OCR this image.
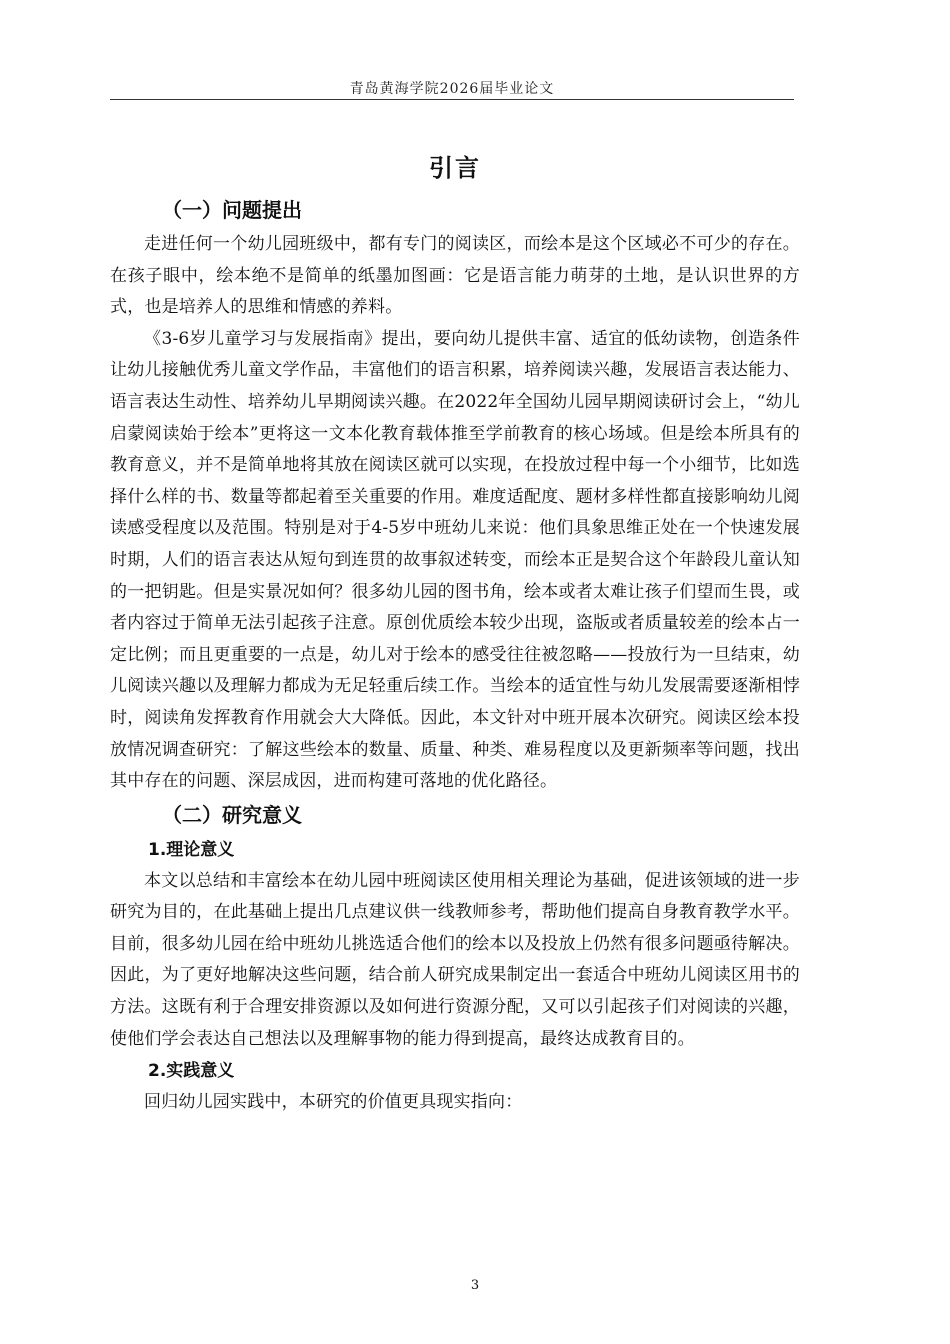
青岛黄海学院2026届毕业论文
引言
（一）问题提出

走进任何一个幼儿园班级中，都有专门的阅读区，而绘本是这个区域必不可少的存在。在孩子眼中，绘本绝不是简单的纸墨加图画：它是语言能力萌芽的土地，是认识世界的方式，也是培养人的思维和情感的养料。

《3-6岁儿童学习与发展指南》提出，要向幼儿提供丰富、适宜的低幼读物，创造条件让幼儿接触优秀儿童文学作品，丰富他们的语言积累，培养阅读兴趣，发展语言表达能力、语言表达生动性、培养幼儿早期阅读兴趣。在2022年全国幼儿园早期阅读研讨会上，“幼儿启蒙阅读始于绘本”更将这一文本化教育载体推至学前教育的核心场域。但是绘本所具有的教育意义，并不是简单地将其放在阅读区就可以实现，在投放过程中每一个小细节，比如选择什么样的书、数量等都起着至关重要的作用。难度适配度、题材多样性都直接影响幼儿阅读感受程度以及范围。特别是对于4-5岁中班幼儿来说：他们具象思维正处在一个快速发展时期，人们的语言表达从短句到连贯的故事叙述转变，而绘本正是契合这个年龄段儿童认知的一把钥匙。但是实景况如何？很多幼儿园的图书角，绘本或者太难让孩子们望而生畏，或者内容过于简单无法引起孩子注意。原创优质绘本较少出现，盗版或者质量较差的绘本占一定比例；而且更重要的一点是，幼儿对于绘本的感受往往被忽略——投放行为一旦结束，幼儿阅读兴趣以及理解力都成为无足轻重后续工作。当绘本的适宜性与幼儿发展需要逐渐相悖时，阅读角发挥教育作用就会大大降低。因此，本文针对中班开展本次研究。阅读区绘本投放情况调查研究：了解这些绘本的数量、质量、种类、难易程度以及更新频率等问题，找出其中存在的问题、深层成因，进而构建可落地的优化路径。

（二）研究意义
1.理论意义

本文以总结和丰富绘本在幼儿园中班阅读区使用相关理论为基础，促进该领域的进一步研究为目的，在此基础上提出几点建议供一线教师参考，帮助他们提高自身教育教学水平。目前，很多幼儿园在给中班幼儿挑选适合他们的绘本以及投放上仍然有很多问题亟待解决。因此，为了更好地解决这些问题，结合前人研究成果制定出一套适合中班幼儿阅读区用书的方法。这既有利于合理安排资源以及如何进行资源分配，又可以引起孩子们对阅读的兴趣，使他们学会表达自己想法以及理解事物的能力得到提高，最终达成教育目的。

2.实践意义

回归幼儿园实践中，本研究的价值更具现实指向：

3
